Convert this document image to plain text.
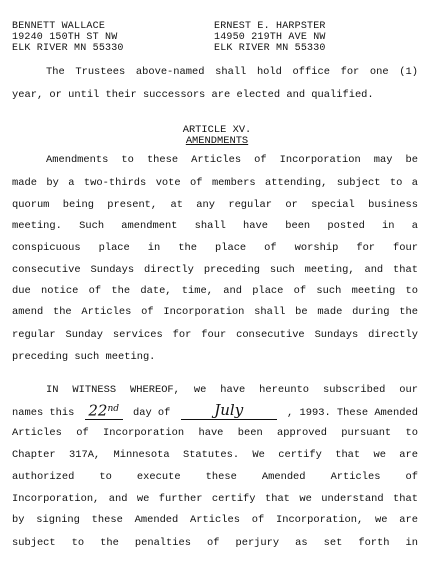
BENNETT WALLACE
19240 150TH ST NW
ELK RIVER MN 55330
ERNEST E. HARPSTER
14950 219TH AVE NW
ELK RIVER MN 55330
The Trustees above-named shall hold office for one (1)
year, or until their successors are elected and qualified.
ARTICLE XV.
AMENDMENTS
Amendments to these Articles of Incorporation may be
made by a two-thirds vote of members attending, subject to a
quorum being present, at any regular or special business
meeting. Such amendment shall have been posted in a
conspicuous place in the place of worship for four
consecutive Sundays directly preceding such meeting, and that
due notice of the date, time, and place of such meeting to
amend the Articles of Incorporation shall be made during the
regular Sunday services for four consecutive Sundays directly
preceding such meeting.
IN WITNESS WHEREOF, we have hereunto subscribed our
names this 22nd	day of	July	, 1993. These Amended
Articles of Incorporation have been approved pursuant to
Chapter 317A, Minnesota Statutes. We certify that we are
authorized to execute these Amended Articles of
Incorporation, and we further certify that we understand that
by signing these Amended Articles of Incorporation, we are
subject to the penalties of perjury as set forth in
